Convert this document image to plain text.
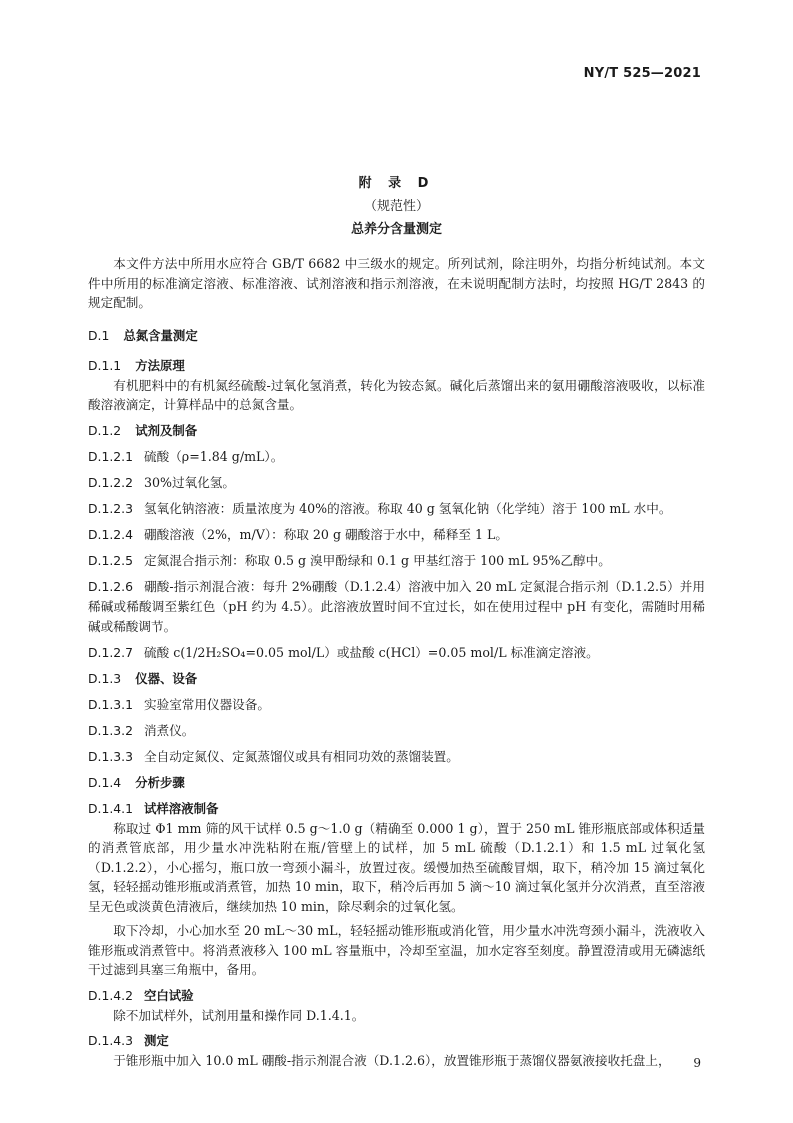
NY/T 525—2021
附 录 D
（规范性）
总养分含量测定

本文件方法中所用水应符合 GB/T 6682 中三级水的规定。所列试剂，除注明外，均指分析纯试剂。本文件中所用的标准滴定溶液、标准溶液、试剂溶液和指示剂溶液，在未说明配制方法时，均按照 HG/T 2843 的规定配制。

D.1 总氮含量测定
D.1.1 方法原理

有机肥料中的有机氮经硫酸-过氧化氢消煮，转化为铵态氮。碱化后蒸馏出来的氨用硼酸溶液吸收，以标准酸溶液滴定，计算样品中的总氮含量。

D.1.2 试剂及制备
D.1.2.1 硫酸（ρ=1.84 g/mL）。
D.1.2.2 30%过氧化氢。
D.1.2.3 氢氧化钠溶液：质量浓度为 40%的溶液。称取 40 g 氢氧化钠（化学纯）溶于 100 mL 水中。
D.1.2.4 硼酸溶液（2%，m/V）：称取 20 g 硼酸溶于水中，稀释至 1 L。
D.1.2.5 定氮混合指示剂：称取 0.5 g 溴甲酚绿和 0.1 g 甲基红溶于 100 mL 95%乙醇中。
D.1.2.6 硼酸-指示剂混合液：每升 2%硼酸（D.1.2.4）溶液中加入 20 mL 定氮混合指示剂（D.1.2.5）并用稀碱或稀酸调至紫红色（pH 约为 4.5）。此溶液放置时间不宜过长，如在使用过程中 pH 有变化，需随时用稀碱或稀酸调节。
D.1.2.7 硫酸 c(1/2H₂SO₄=0.05 mol/L）或盐酸 c(HCl）=0.05 mol/L 标准滴定溶液。
D.1.3 仪器、设备
D.1.3.1 实验室常用仪器设备。
D.1.3.2 消煮仪。
D.1.3.3 全自动定氮仪、定氮蒸馏仪或具有相同功效的蒸馏装置。
D.1.4 分析步骤
D.1.4.1 试样溶液制备

称取过 Φ1 mm 筛的风干试样 0.5 g～1.0 g（精确至 0.000 1 g），置于 250 mL 锥形瓶底部或体积适量的消煮管底部，用少量水冲洗粘附在瓶/管壁上的试样，加 5 mL 硫酸（D.1.2.1）和 1.5 mL 过氧化氢（D.1.2.2），小心摇匀，瓶口放一弯颈小漏斗，放置过夜。缓慢加热至硫酸冒烟，取下，稍冷加 15 滴过氧化氢，轻轻摇动锥形瓶或消煮管，加热 10 min，取下，稍冷后再加 5 滴～10 滴过氧化氢并分次消煮，直至溶液呈无色或淡黄色清液后，继续加热 10 min，除尽剩余的过氧化氢。

取下冷却，小心加水至 20 mL～30 mL，轻轻摇动锥形瓶或消化管，用少量水冲洗弯颈小漏斗，洗液收入锥形瓶或消煮管中。将消煮液移入 100 mL 容量瓶中，冷却至室温，加水定容至刻度。静置澄清或用无磷滤纸干过滤到具塞三角瓶中，备用。

D.1.4.2 空白试验

除不加试样外，试剂用量和操作同 D.1.4.1。

D.1.4.3 测定

于锥形瓶中加入 10.0 mL 硼酸-指示剂混合液（D.1.2.6），放置锥形瓶于蒸馏仪器氨液接收托盘上，	9
